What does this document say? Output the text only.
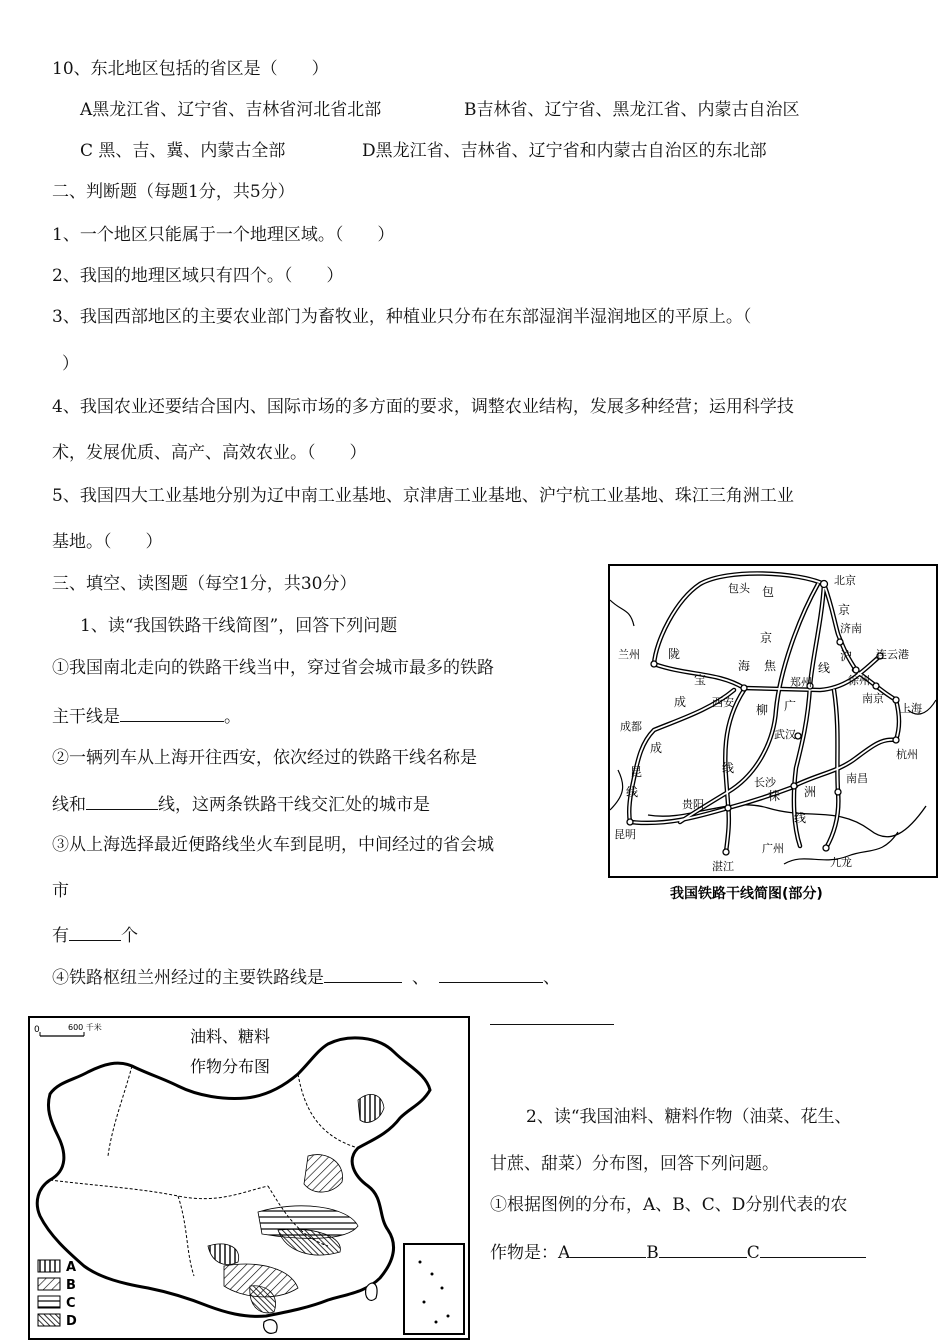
10、东北地区包括的省区是（　　）
A黑龙江省、辽宁省、吉林省河北省北部	B吉林省、辽宁省、黑龙江省、内蒙古自治区
C 黑、吉、冀、内蒙古全部	D黑龙江省、吉林省、辽宁省和内蒙古自治区的东北部
二、判断题（每题1分，共5分）
1、一个地区只能属于一个地理区域。（　　）
2、我国的地理区域只有四个。（　　）
3、我国西部地区的主要农业部门为畜牧业，种植业只分布在东部湿润半湿润地区的平原上。（
）
4、我国农业还要结合国内、国际市场的多方面的要求，调整农业结构，发展多种经营；运用科学技
术，发展优质、高产、高效农业。（　　）
5、我国四大工业基地分别为辽中南工业基地、京津唐工业基地、沪宁杭工业基地、珠江三角洲工业
基地。（　　）
三、填空、读图题（每空1分，共30分）
1、读“我国铁路干线简图”，回答下列问题
①我国南北走向的铁路干线当中，穿过省会城市最多的铁路
主干线是	。
②一辆列车从上海开往西安，依次经过的铁路干线名称是
线和	线，这两条铁路干线交汇处的城市是
③从上海选择最近便路线坐火车到昆明，中间经过的省会城
市
有	个
④铁路枢纽兰州经过的主要铁路线是	、	、
2、读“我国油料、糖料作物（油菜、花生、
甘蔗、甜菜）分布图，回答下列问题。
①根据图例的分布，A、B、C、D分别代表的农
作物是：A	B	C
北京
包头
兰州
西安
成都
昆明
贵阳
湛江
广州
九龙
南昌
杭州
上海
南京
徐州
连云港
济南
郑州
武汉
长沙
包
京
京
焦
沪
陇
海
宝
成
成
昆
线
柳 广
线
线
株 洲
线
我国铁路干线简图(部分)
0	600 千米	油料、糖料
作物分布图
A
B
C
D
